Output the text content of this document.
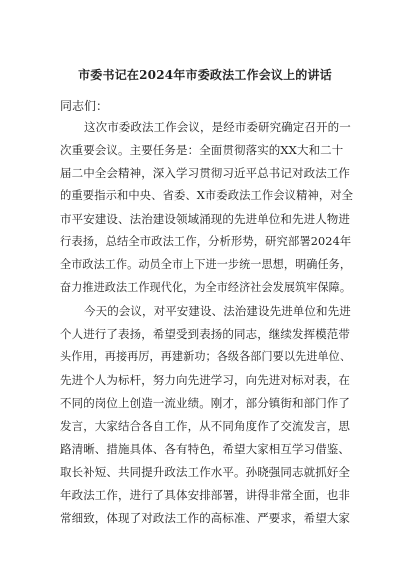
市委书记在2024年市委政法工作会议上的讲话

同志们：

这次市委政法工作会议，是经市委研究确定召开的一

次重要会议。主要任务是：全面贯彻落实的XX大和二十

届二中全会精神，深入学习贯彻习近平总书记对政法工作

的重要指示和中央、省委、X市委政法工作会议精神，对全

市平安建设、法治建设领域涌现的先进单位和先进人物进

行表扬，总结全市政法工作，分析形势，研究部署2024年

全市政法工作。动员全市上下进一步统一思想，明确任务，

奋力推进政法工作现代化，为全市经济社会发展筑牢保障。

今天的会议，对平安建设、法治建设先进单位和先进

个人进行了表扬，希望受到表扬的同志，继续发挥模范带

头作用，再接再厉，再建新功；各级各部门要以先进单位、

先进个人为标杆，努力向先进学习，向先进对标对表，在

不同的岗位上创造一流业绩。刚才，部分镇街和部门作了

发言，大家结合各自工作，从不同角度作了交流发言，思

路清晰、措施具体、各有特色，希望大家相互学习借鉴、

取长补短、共同提升政法工作水平。孙晓强同志就抓好全

年政法工作，进行了具体安排部署，讲得非常全面，也非

常细致，体现了对政法工作的高标准、严要求，希望大家
